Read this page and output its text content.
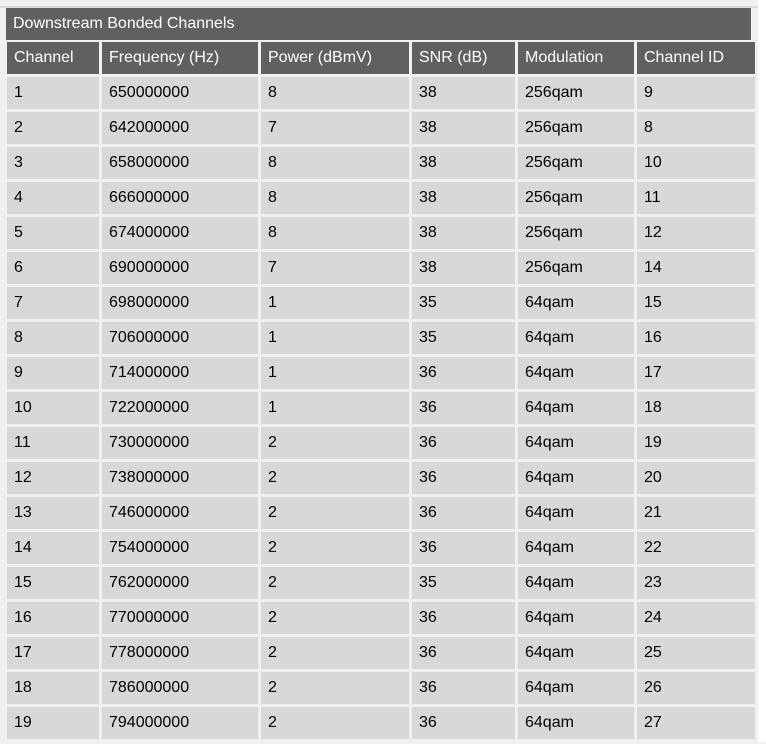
Downstream Bonded Channels
Channel	Frequency (Hz)	Power (dBmV)	SNR (dB)	Modulation	Channel ID
1	650000000	8	38	256qam	9
2	642000000	7	38	256qam	8
3	658000000	8	38	256qam	10
4	666000000	8	38	256qam	11
5	674000000	8	38	256qam	12
6	690000000	7	38	256qam	14
7	698000000	1	35	64qam	15
8	706000000	1	35	64qam	16
9	714000000	1	36	64qam	17
10	722000000	1	36	64qam	18
11	730000000	2	36	64qam	19
12	738000000	2	36	64qam	20
13	746000000	2	36	64qam	21
14	754000000	2	36	64qam	22
15	762000000	2	35	64qam	23
16	770000000	2	36	64qam	24
17	778000000	2	36	64qam	25
18	786000000	2	36	64qam	26
19	794000000	2	36	64qam	27
